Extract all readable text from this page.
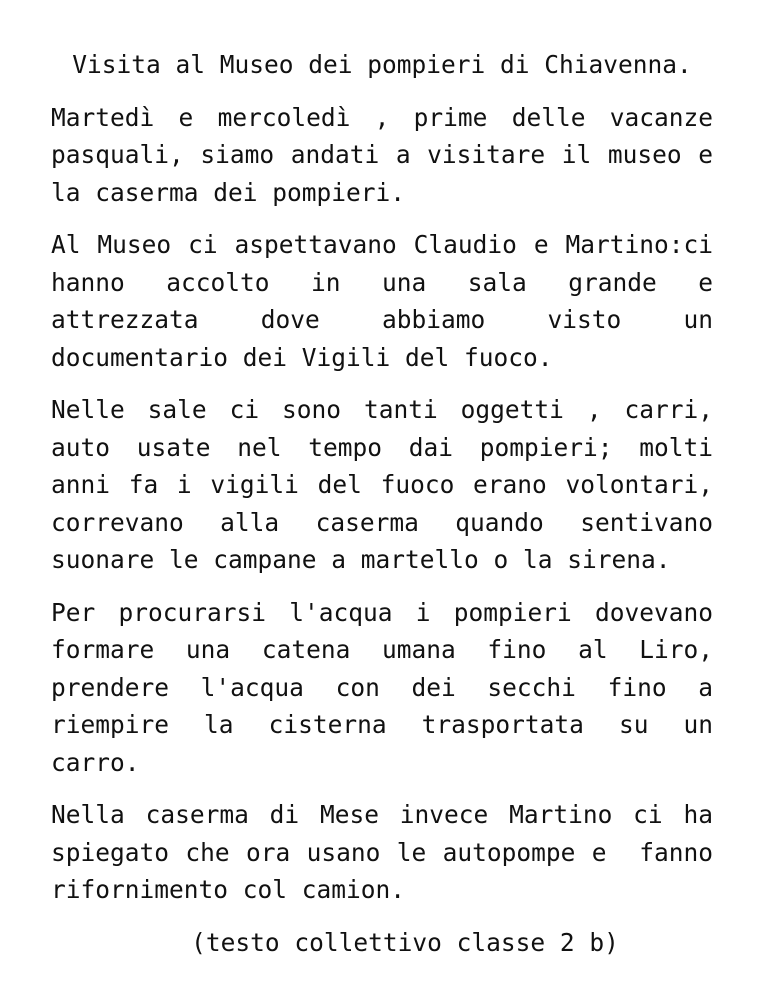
Visita al Museo dei pompieri di Chiavenna.

Martedì e mercoledì , prime delle vacanze pasquali, siamo andati a visitare il museo e la caserma dei pompieri.

Al Museo ci aspettavano Claudio e Martino:ci hanno accolto in una sala grande e attrezzata dove abbiamo visto un documentario dei Vigili del fuoco.

Nelle sale ci sono tanti oggetti , carri, auto usate nel tempo dai pompieri; molti anni fa i vigili del fuoco erano volontari, correvano alla caserma quando sentivano suonare le campane a martello o la sirena.

Per procurarsi l'acqua i pompieri dovevano formare una catena umana fino al Liro, prendere l'acqua con dei secchi fino a riempire la cisterna trasportata su un carro.

Nella caserma di Mese invece Martino ci ha spiegato che ora usano le autopompe e  fanno rifornimento col camion.

(testo collettivo classe 2 b)
